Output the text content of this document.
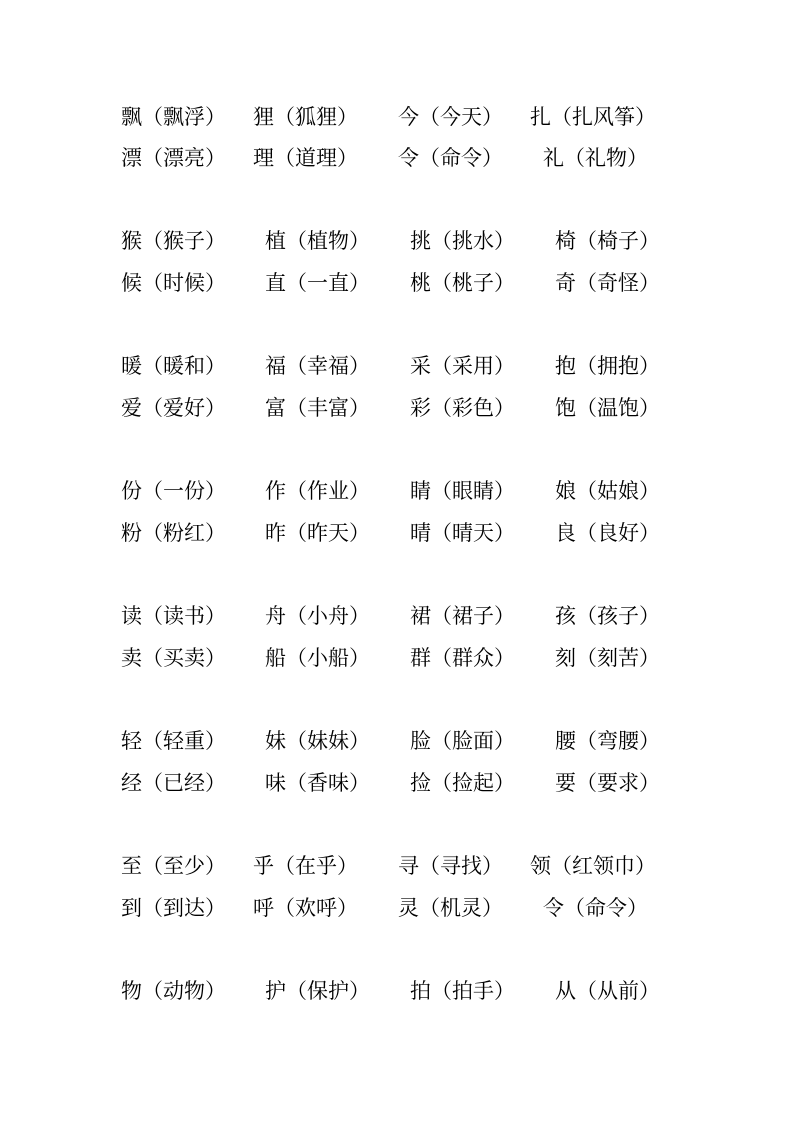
飘（飘浮） 狸（狐狸） 今（今天） 扎（扎风筝）
漂（漂亮） 理（道理） 令（命令） 礼（礼物）
猴（猴子） 植（植物） 挑（挑水） 椅（椅子）
候（时候） 直（一直） 桃（桃子） 奇（奇怪）
暖（暖和） 福（幸福） 采（采用） 抱（拥抱）
爱（爱好） 富（丰富） 彩（彩色） 饱（温饱）
份（一份） 作（作业） 睛（眼睛） 娘（姑娘）
粉（粉红） 昨（昨天） 晴（晴天） 良（良好）
读（读书） 舟（小舟） 裙（裙子） 孩（孩子）
卖（买卖） 船（小船） 群（群众） 刻（刻苦）
轻（轻重） 妹（妹妹） 脸（脸面） 腰（弯腰）
经（已经） 味（香味） 捡（捡起） 要（要求）
至（至少） 乎（在乎） 寻（寻找） 领（红领巾）
到（到达） 呼（欢呼） 灵（机灵） 令（命令）
物（动物） 护（保护） 拍（拍手） 从（从前）
